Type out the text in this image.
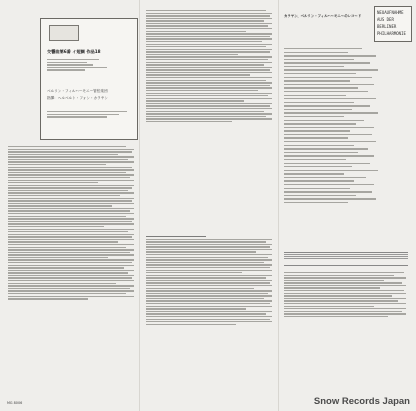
交響曲第6番 イ短調 作品18
ベルリン・フィルハーモニー管弦楽団
指揮：ヘルベルト・フォン・カラヤン
MG 8006
カラヤン、ベルリン・フィルハーモニーのレコード
NEUAUFNAHME
AUS DER
BERLINER
PHILHARMONIE
Snow Records Japan
